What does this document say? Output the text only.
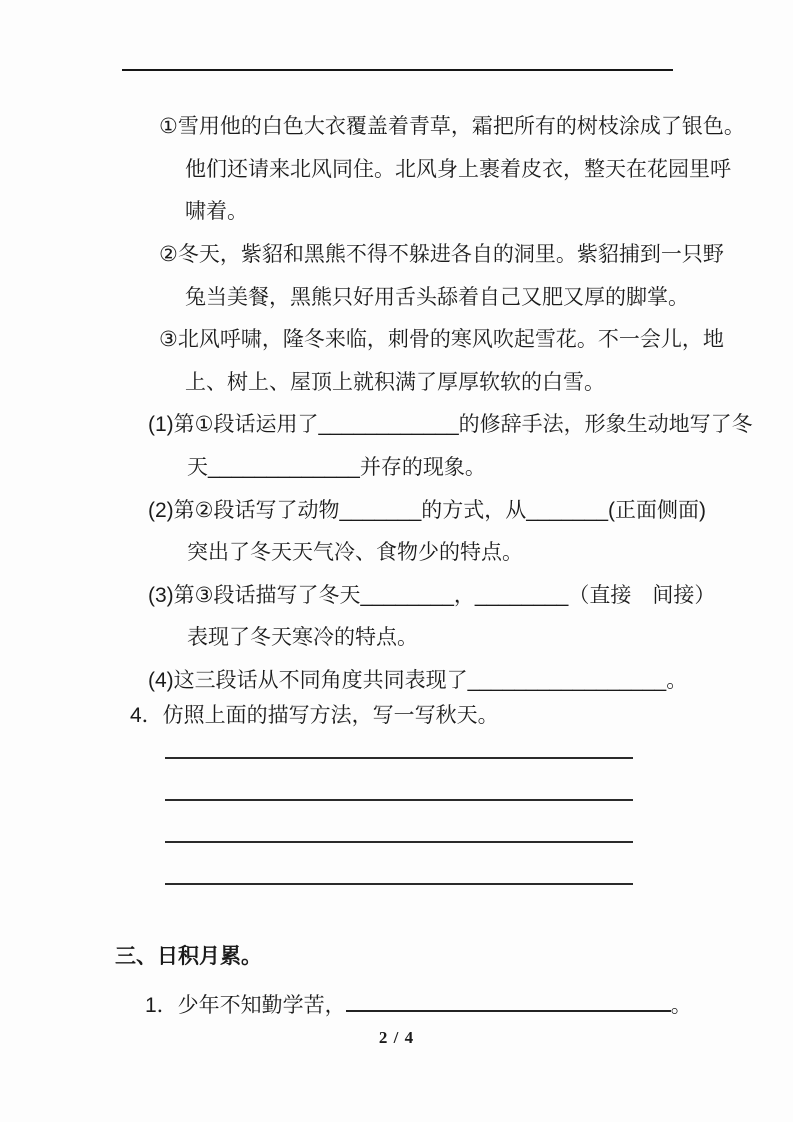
①雪用他的白色大衣覆盖着青草，霜把所有的树枝涂成了银色。
他们还请来北风同住。北风身上裹着皮衣，整天在花园里呼
啸着。
②冬天，紫貂和黑熊不得不躲进各自的洞里。紫貂捕到一只野
兔当美餐，黑熊只好用舌头舔着自己又肥又厚的脚掌。
③北风呼啸，隆冬来临，刺骨的寒风吹起雪花。不一会儿，地
上、树上、屋顶上就积满了厚厚软软的白雪。
(1)第①段话运用了____________的修辞手法，形象生动地写了冬
天_____________并存的现象。
(2)第②段话写了动物_______的方式，从_______(正面侧面)
突出了冬天天气冷、食物少的特点。
(3)第③段话描写了冬天________，________（直接　间接）
表现了冬天寒冷的特点。
(4)这三段话从不同角度共同表现了_________________。
4．仿照上面的描写方法，写一写秋天。
三、日积月累。
1．少年不知勤学苦，	。
2 / 4
